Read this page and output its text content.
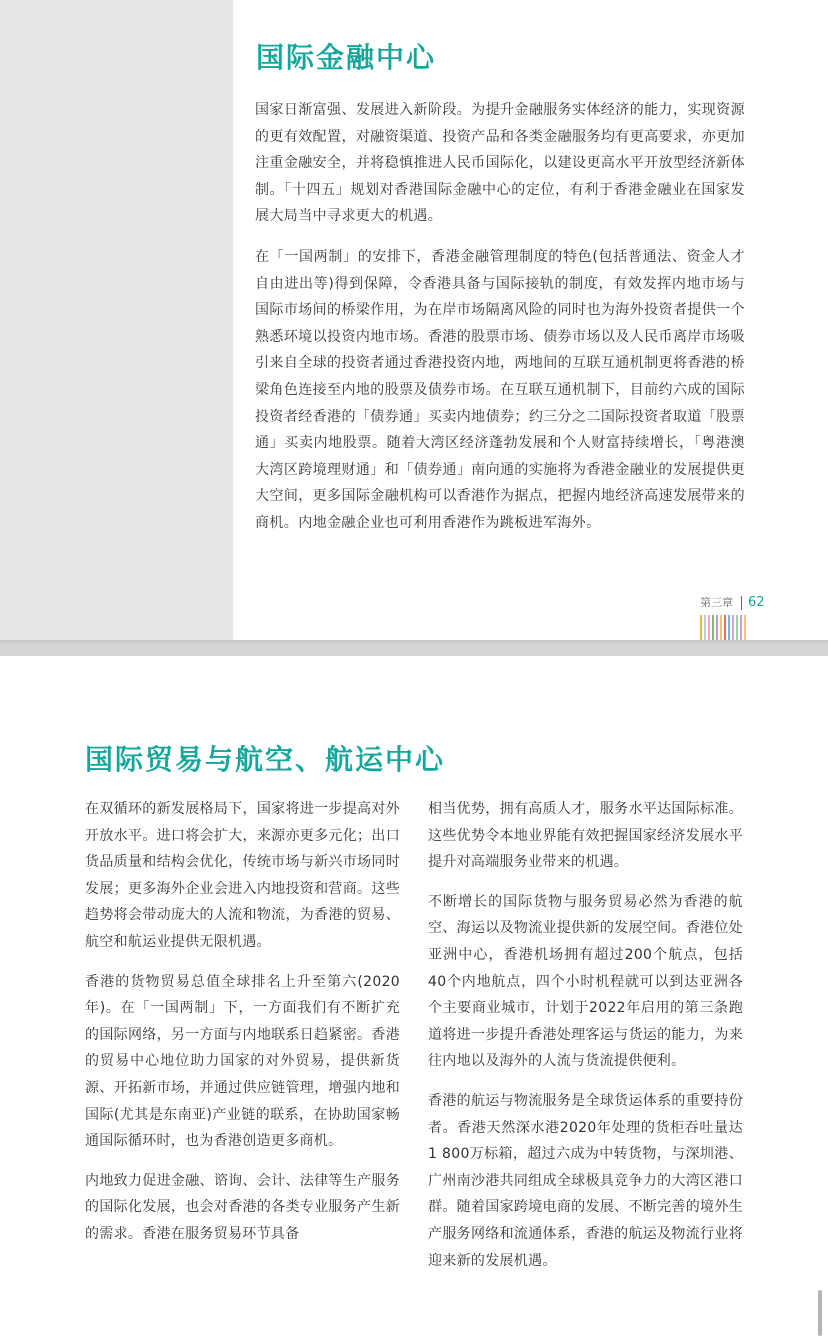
国际金融中心

国家日渐富强、发展进入新阶段。为提升金融服务实体经济的能力，实现资源的更有效配置，对融资渠道、投资产品和各类金融服务均有更高要求，亦更加注重金融安全，并将稳慎推进人民币国际化，以建设更高水平开放型经济新体制。「十四五」规划对香港国际金融中心的定位，有利于香港金融业在国家发展大局当中寻求更大的机遇。

在「一国两制」的安排下，香港金融管理制度的特色(包括普通法、资金人才自由进出等)得到保障，令香港具备与国际接轨的制度，有效发挥内地市场与国际市场间的桥梁作用，为在岸市场隔离风险的同时也为海外投资者提供一个熟悉环境以投资内地市场。香港的股票市场、债券市场以及人民币离岸市场吸引来自全球的投资者通过香港投资内地，两地间的互联互通机制更将香港的桥梁角色连接至内地的股票及债券市场。在互联互通机制下，目前约六成的国际投资者经香港的「债券通」买卖内地债券；约三分之二国际投资者取道「股票通」买卖内地股票。随着大湾区经济蓬勃发展和个人财富持续增长，「粤港澳大湾区跨境理财通」和「债券通」南向通的实施将为香港金融业的发展提供更大空间，更多国际金融机构可以香港作为据点，把握内地经济高速发展带来的商机。内地金融企业也可利用香港作为跳板进军海外。

第三章 62
国际贸易与航空、航运中心

在双循环的新发展格局下，国家将进一步提高对外开放水平。进口将会扩大，来源亦更多元化；出口货品质量和结构会优化，传统市场与新兴市场同时发展；更多海外企业会进入内地投资和营商。这些趋势将会带动庞大的人流和物流，为香港的贸易、航空和航运业提供无限机遇。

香港的货物贸易总值全球排名上升至第六(2020年)。在「一国两制」下，一方面我们有不断扩充的国际网络，另一方面与内地联系日趋紧密。香港的贸易中心地位助力国家的对外贸易，提供新货源、开拓新市场，并通过供应链管理，增强内地和国际(尤其是东南亚)产业链的联系，在协助国家畅通国际循环时，也为香港创造更多商机。

内地致力促进金融、谘询、会计、法律等生产服务的国际化发展，也会对香港的各类专业服务产生新的需求。香港在服务贸易环节具备

相当优势，拥有高质人才，服务水平达国际标准。这些优势令本地业界能有效把握国家经济发展水平提升对高端服务业带来的机遇。

不断增长的国际货物与服务贸易必然为香港的航空、海运以及物流业提供新的发展空间。香港位处亚洲中心，香港机场拥有超过200个航点，包括40个内地航点，四个小时机程就可以到达亚洲各个主要商业城市，计划于2022年启用的第三条跑道将进一步提升香港处理客运与货运的能力，为来往内地以及海外的人流与货流提供便利。

香港的航运与物流服务是全球货运体系的重要持份者。香港天然深水港2020年处理的货柜吞吐量达1 800万标箱，超过六成为中转货物，与深圳港、广州南沙港共同组成全球极具竞争力的大湾区港口群。随着国家跨境电商的发展、不断完善的境外生产服务网络和流通体系，香港的航运及物流行业将迎来新的发展机遇。
